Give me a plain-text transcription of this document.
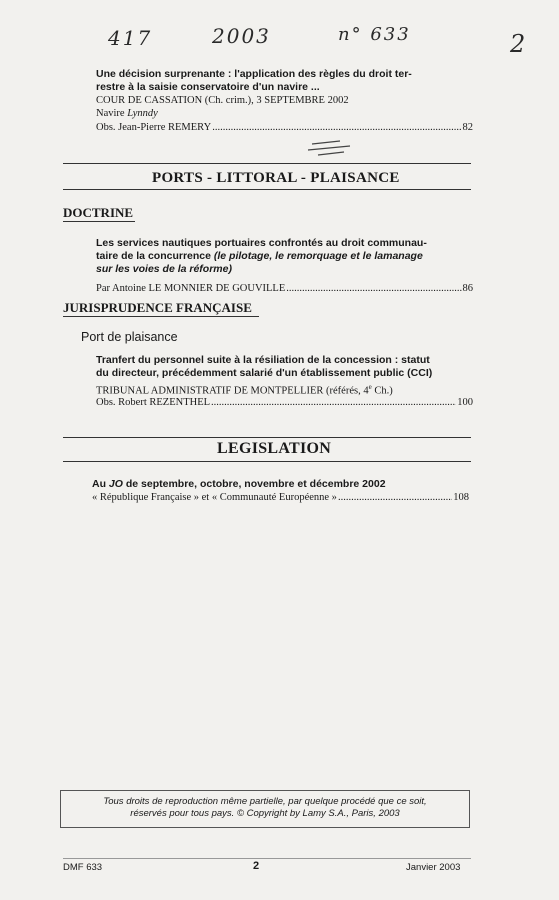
417	2003	n° 633	2
Une décision surprenante : l'application des règles du droit ter-
restre à la saisie conservatoire d'un navire ...
COUR DE CASSATION (Ch. crim.), 3 SEPTEMBRE 2002
Navire Lynndy
Obs. Jean-Pierre REMERY .....	82
PORTS - LITTORAL - PLAISANCE
DOCTRINE
Les services nautiques portuaires confrontés au droit communau-
taire de la concurrence (le pilotage, le remorquage et le lamanage
sur les voies de la réforme)
Par Antoine LE MONNIER DE GOUVILLE .....	86
JURISPRUDENCE FRANÇAISE
Port de plaisance
Tranfert du personnel suite à la résiliation de la concession : statut
du directeur, précédemment salarié d'un établissement public (CCI)
TRIBUNAL ADMINISTRATIF DE MONTPELLIER (référés, 4e Ch.)
Obs. Robert REZENTHEL .....	100
LEGISLATION
Au JO de septembre, octobre, novembre et décembre 2002
« République Française » et « Communauté Européenne » .....	108
Tous droits de reproduction même partielle, par quelque procédé que ce soit,
réservés pour tous pays. © Copyright by Lamy S.A., Paris, 2003
DMF 633	2	Janvier 2003
